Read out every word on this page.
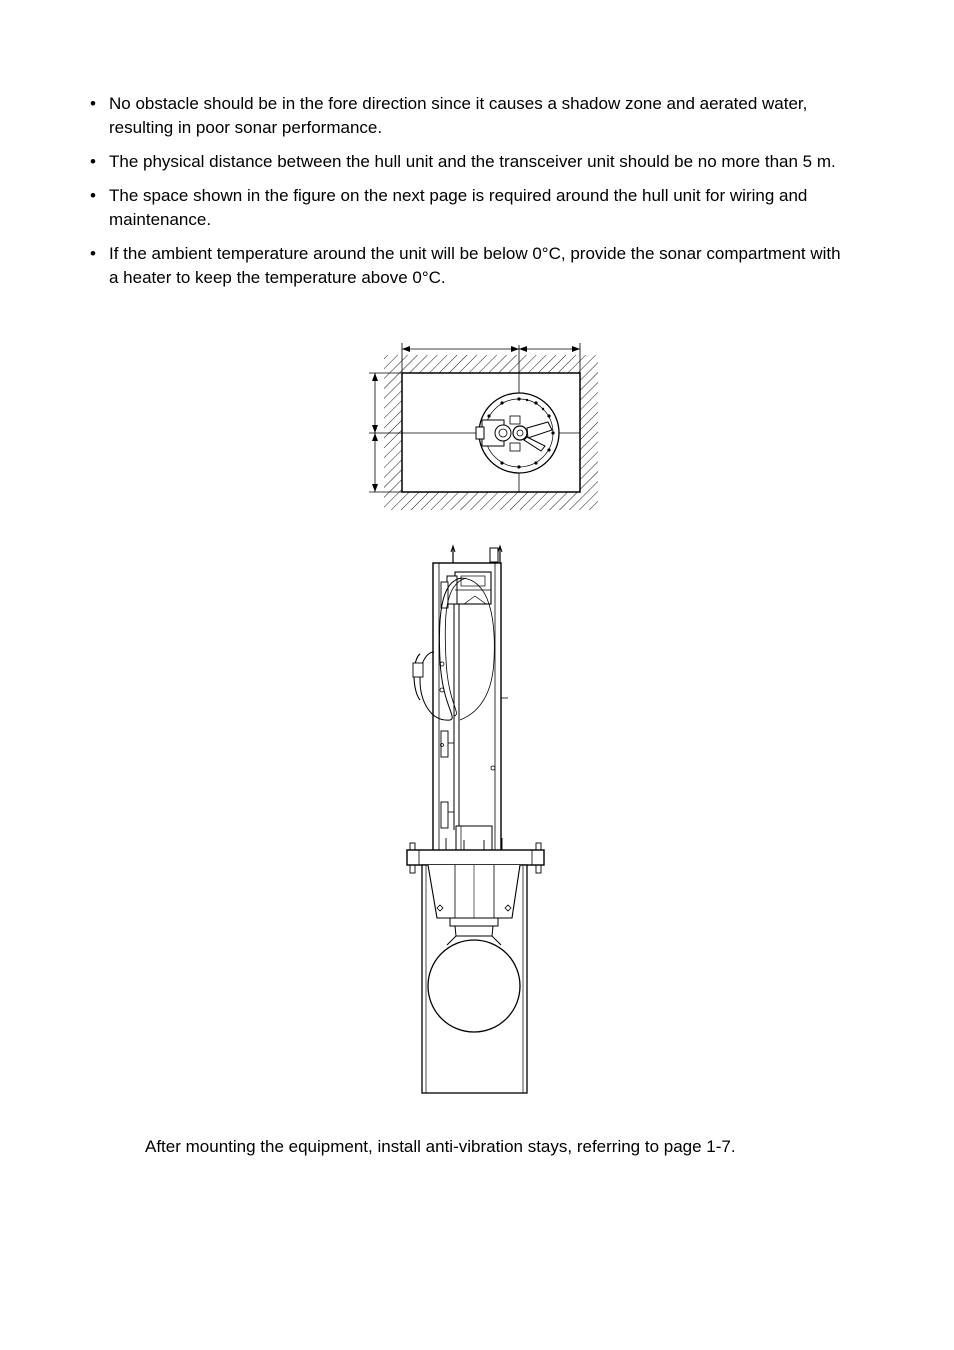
• No obstacle should be in the fore direction since it causes a shadow zone and aerated water, resulting in poor sonar performance.
• The physical distance between the hull unit and the transceiver unit should be no more than 5 m.
• The space shown in the figure on the next page is required around the hull unit for wiring and maintenance.
• If the ambient temperature around the unit will be below 0°C, provide the sonar compartment with a heater to keep the temperature above 0°C.
After mounting the equipment, install anti-vibration stays, referring to page 1-7.
